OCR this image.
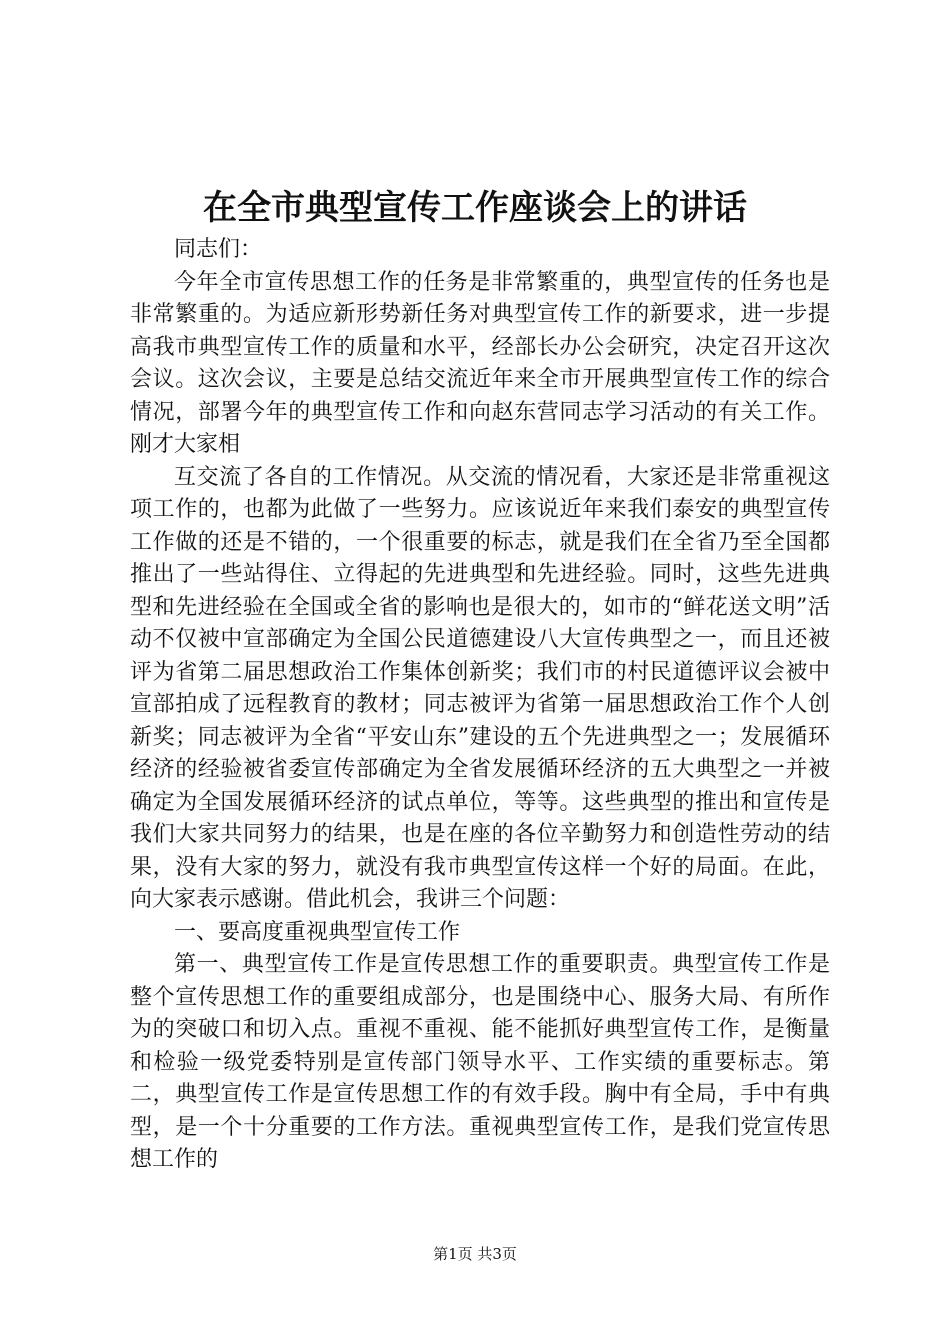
在全市典型宣传工作座谈会上的讲话

同志们：

今年全市宣传思想工作的任务是非常繁重的，典型宣传的任务也是非常繁重的。为适应新形势新任务对典型宣传工作的新要求，进一步提高我市典型宣传工作的质量和水平，经部长办公会研究，决定召开这次会议。这次会议，主要是总结交流近年来全市开展典型宣传工作的综合情况，部署今年的典型宣传工作和向赵东营同志学习活动的有关工作。刚才大家相

互交流了各自的工作情况。从交流的情况看，大家还是非常重视这项工作的，也都为此做了一些努力。应该说近年来我们泰安的典型宣传工作做的还是不错的，一个很重要的标志，就是我们在全省乃至全国都推出了一些站得住、立得起的先进典型和先进经验。同时，这些先进典型和先进经验在全国或全省的影响也是很大的，如市的“鲜花送文明”活动不仅被中宣部确定为全国公民道德建设八大宣传典型之一，而且还被评为省第二届思想政治工作集体创新奖；我们市的村民道德评议会被中宣部拍成了远程教育的教材；同志被评为省第一届思想政治工作个人创新奖；同志被评为全省“平安山东”建设的五个先进典型之一；发展循环经济的经验被省委宣传部确定为全省发展循环经济的五大典型之一并被确定为全国发展循环经济的试点单位，等等。这些典型的推出和宣传是我们大家共同努力的结果，也是在座的各位辛勤努力和创造性劳动的结果，没有大家的努力，就没有我市典型宣传这样一个好的局面。在此，向大家表示感谢。借此机会，我讲三个问题：

一、要高度重视典型宣传工作

第一、典型宣传工作是宣传思想工作的重要职责。典型宣传工作是整个宣传思想工作的重要组成部分，也是围绕中心、服务大局、有所作为的突破口和切入点。重视不重视、能不能抓好典型宣传工作，是衡量和检验一级党委特别是宣传部门领导水平、工作实绩的重要标志。第二，典型宣传工作是宣传思想工作的有效手段。胸中有全局，手中有典型，是一个十分重要的工作方法。重视典型宣传工作，是我们党宣传思想工作的

第1页 共3页
